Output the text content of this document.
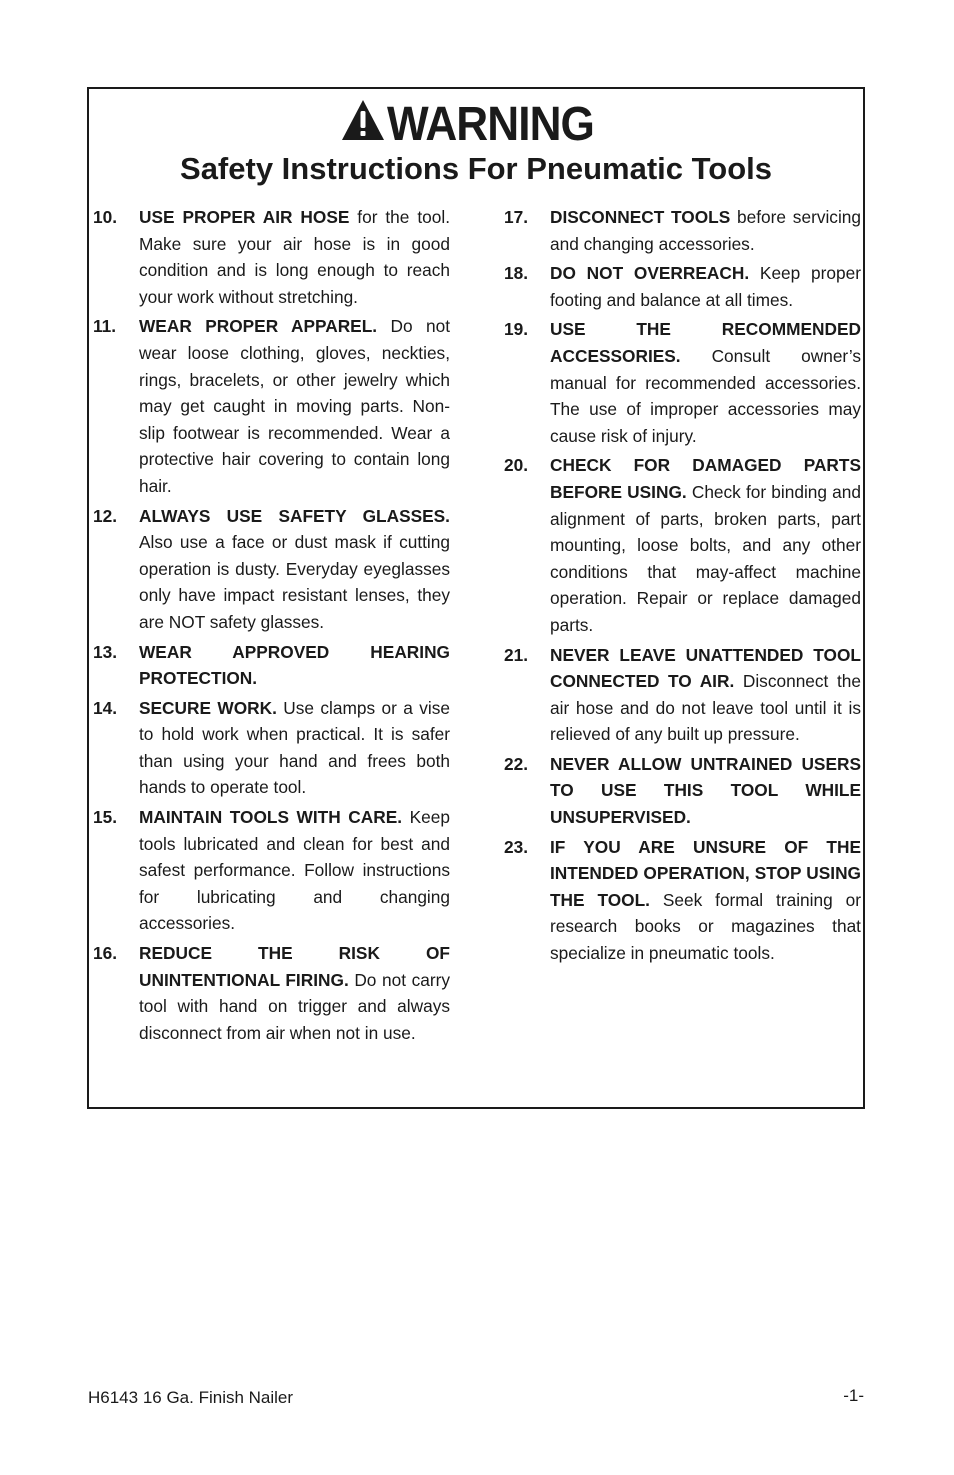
WARNING
Safety Instructions For Pneumatic Tools
10.	USE PROPER AIR HOSE for the tool. Make sure your air hose is in good condition and is long enough to reach your work without stretching.
11.	WEAR PROPER APPAREL. Do not wear loose clothing, gloves, neckties, rings, bracelets, or other jewelry which may get caught in moving parts. Non-slip footwear is recommended. Wear a protective hair covering to contain long hair.
12.	ALWAYS USE SAFETY GLASSES. Also use a face or dust mask if cutting operation is dusty. Everyday eyeglasses only have impact resistant lenses, they are NOT safety glasses.
13.	WEAR APPROVED HEARING PROTECTION.
14.	SECURE WORK. Use clamps or a vise to hold work when practical. It is safer than using your hand and frees both hands to operate tool.
15.	MAINTAIN TOOLS WITH CARE. Keep tools lubricated and clean for best and safest performance. Follow instructions for lubricating and changing accessories.
16.	REDUCE THE RISK OF UNINTENTIONAL FIRING. Do not carry tool with hand on trigger and always disconnect from air when not in use.
17.	DISCONNECT TOOLS before servicing and changing accessories.
18.	DO NOT OVERREACH. Keep proper footing and balance at all times.
19.	USE THE RECOMMENDED ACCESSORIES. Consult owner’s manual for recommended accessories. The use of improper accessories may cause risk of injury.
20.	CHECK FOR DAMAGED PARTS BEFORE USING. Check for binding and alignment of parts, broken parts, part mounting, loose bolts, and any other conditions that may-affect machine operation. Repair or replace damaged parts.
21.	NEVER LEAVE UNATTENDED TOOL CONNECTED TO AIR. Disconnect the air hose and do not leave tool until it is relieved of any built up pressure.
22.	NEVER ALLOW UNTRAINED USERS TO USE THIS TOOL WHILE UNSUPERVISED.
23.	IF YOU ARE UNSURE OF THE INTENDED OPERATION, STOP USING THE TOOL. Seek formal training or research books or magazines that specialize in pneumatic tools.
H6143 16 Ga. Finish Nailer	-1-
